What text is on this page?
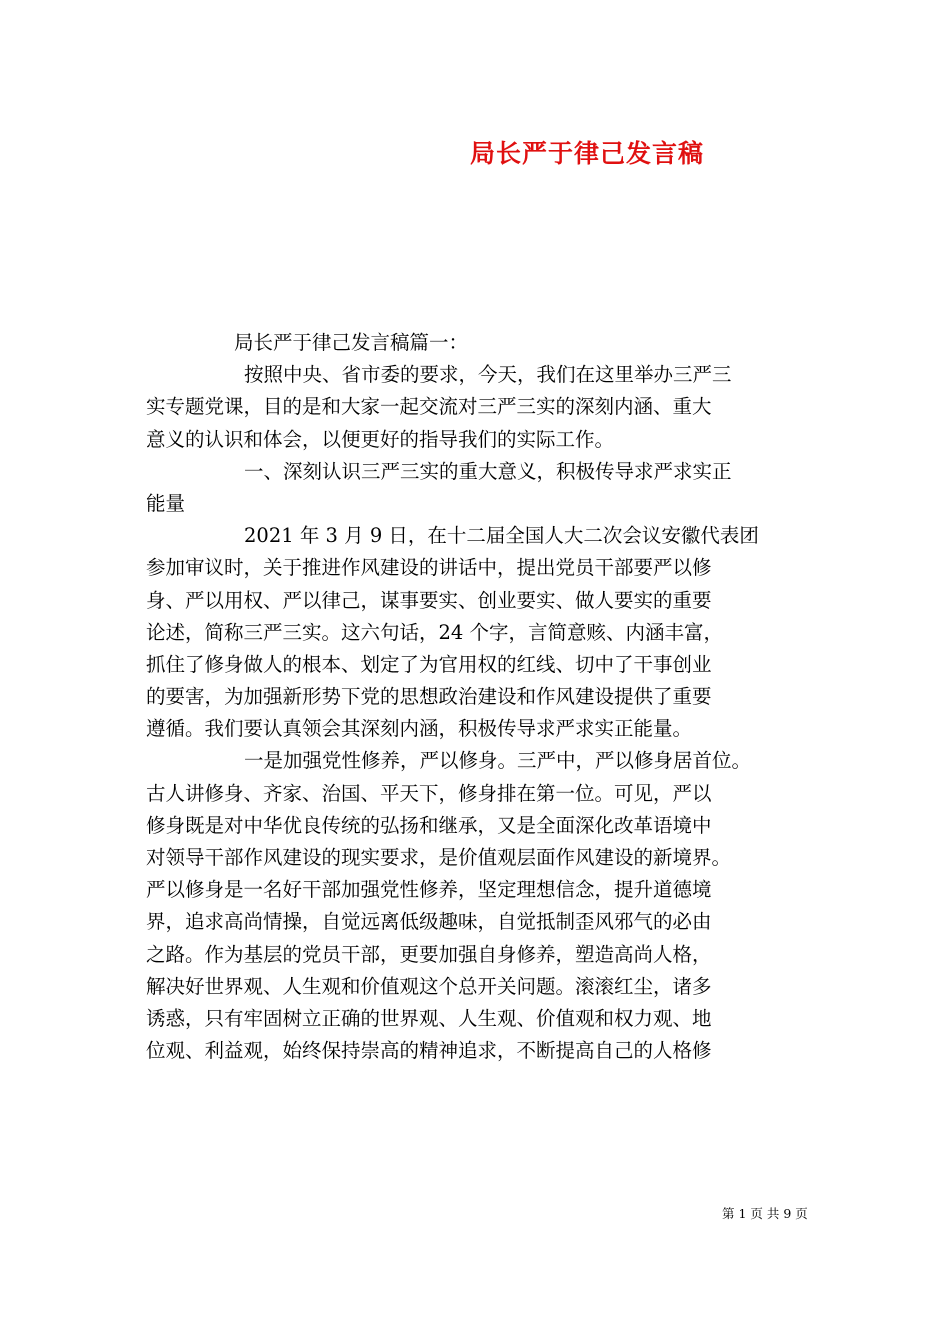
局长严于律己发言稿
局长严于律己发言稿篇一：
按照中央、省市委的要求，今天，我们在这里举办三严三
实专题党课，目的是和大家一起交流对三严三实的深刻内涵、重大
意义的认识和体会，以便更好的指导我们的实际工作。
一、深刻认识三严三实的重大意义，积极传导求严求实正
能量
2021 年 3 月 9 日，在十二届全国人大二次会议安徽代表团
参加审议时，关于推进作风建设的讲话中，提出党员干部要严以修
身、严以用权、严以律己，谋事要实、创业要实、做人要实的重要
论述，简称三严三实。这六句话，24 个字，言简意赅、内涵丰富，
抓住了修身做人的根本、划定了为官用权的红线、切中了干事创业
的要害，为加强新形势下党的思想政治建设和作风建设提供了重要
遵循。我们要认真领会其深刻内涵，积极传导求严求实正能量。
一是加强党性修养，严以修身。三严中，严以修身居首位。
古人讲修身、齐家、治国、平天下，修身排在第一位。可见，严以
修身既是对中华优良传统的弘扬和继承，又是全面深化改革语境中
对领导干部作风建设的现实要求，是价值观层面作风建设的新境界。
严以修身是一名好干部加强党性修养，坚定理想信念，提升道德境
界，追求高尚情操，自觉远离低级趣味，自觉抵制歪风邪气的必由
之路。作为基层的党员干部，更要加强自身修养，塑造高尚人格，
解决好世界观、人生观和价值观这个总开关问题。滚滚红尘，诸多
诱惑，只有牢固树立正确的世界观、人生观、价值观和权力观、地
位观、利益观，始终保持崇高的精神追求，不断提高自己的人格修
第 1 页 共 9 页
